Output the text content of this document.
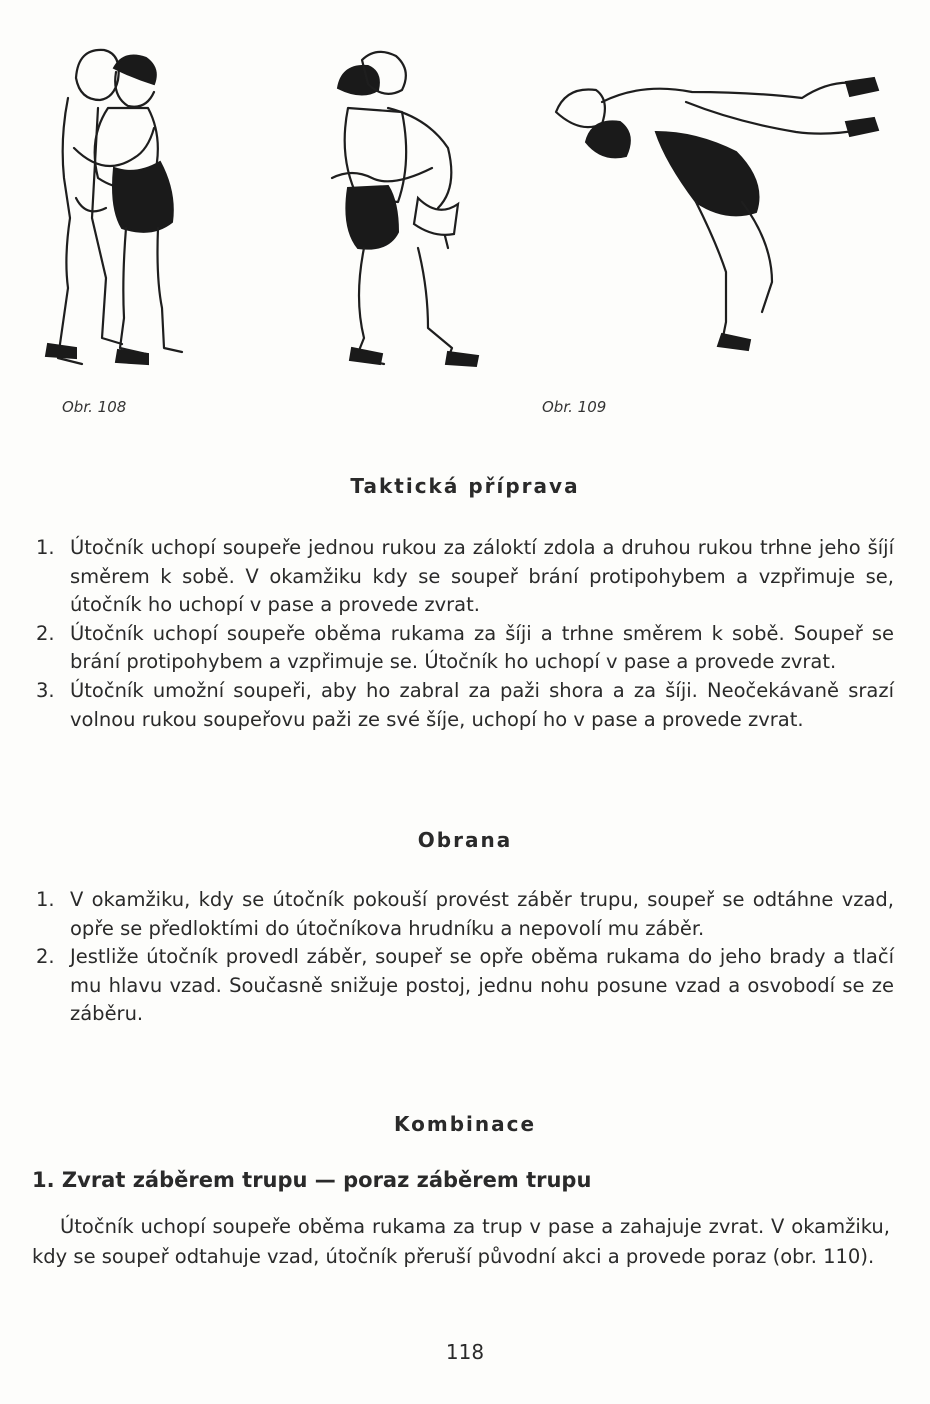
Obr. 108	Obr. 109
Taktická příprava
1. Útočník uchopí soupeře jednou rukou za záloktí zdola a druhou rukou trhne jeho šíjí směrem k sobě. V okamžiku kdy se soupeř brání protipohybem a vzpřimuje se, útočník ho uchopí v pase a provede zvrat.
2. Útočník uchopí soupeře oběma rukama za šíji a trhne směrem k sobě. Soupeř se brání protipohybem a vzpřimuje se. Útočník ho uchopí v pase a provede zvrat.
3. Útočník umožní soupeři, aby ho zabral za paži shora a za šíji. Neočekávaně srazí volnou rukou soupeřovu paži ze své šíje, uchopí ho v pase a provede zvrat.
Obrana
1. V okamžiku, kdy se útočník pokouší provést záběr trupu, soupeř se odtáhne vzad, opře se předloktími do útočníkova hrudníku a nepovolí mu záběr.
2. Jestliže útočník provedl záběr, soupeř se opře oběma rukama do jeho brady a tlačí mu hlavu vzad. Současně snižuje postoj, jednu nohu posune vzad a osvobodí se ze záběru.
Kombinace
1. Zvrat záběrem trupu — poraz záběrem trupu

Útočník uchopí soupeře oběma rukama za trup v pase a zahajuje zvrat. V okamžiku, kdy se soupeř odtahuje vzad, útočník přeruší původní akci a provede poraz (obr. 110).

118
